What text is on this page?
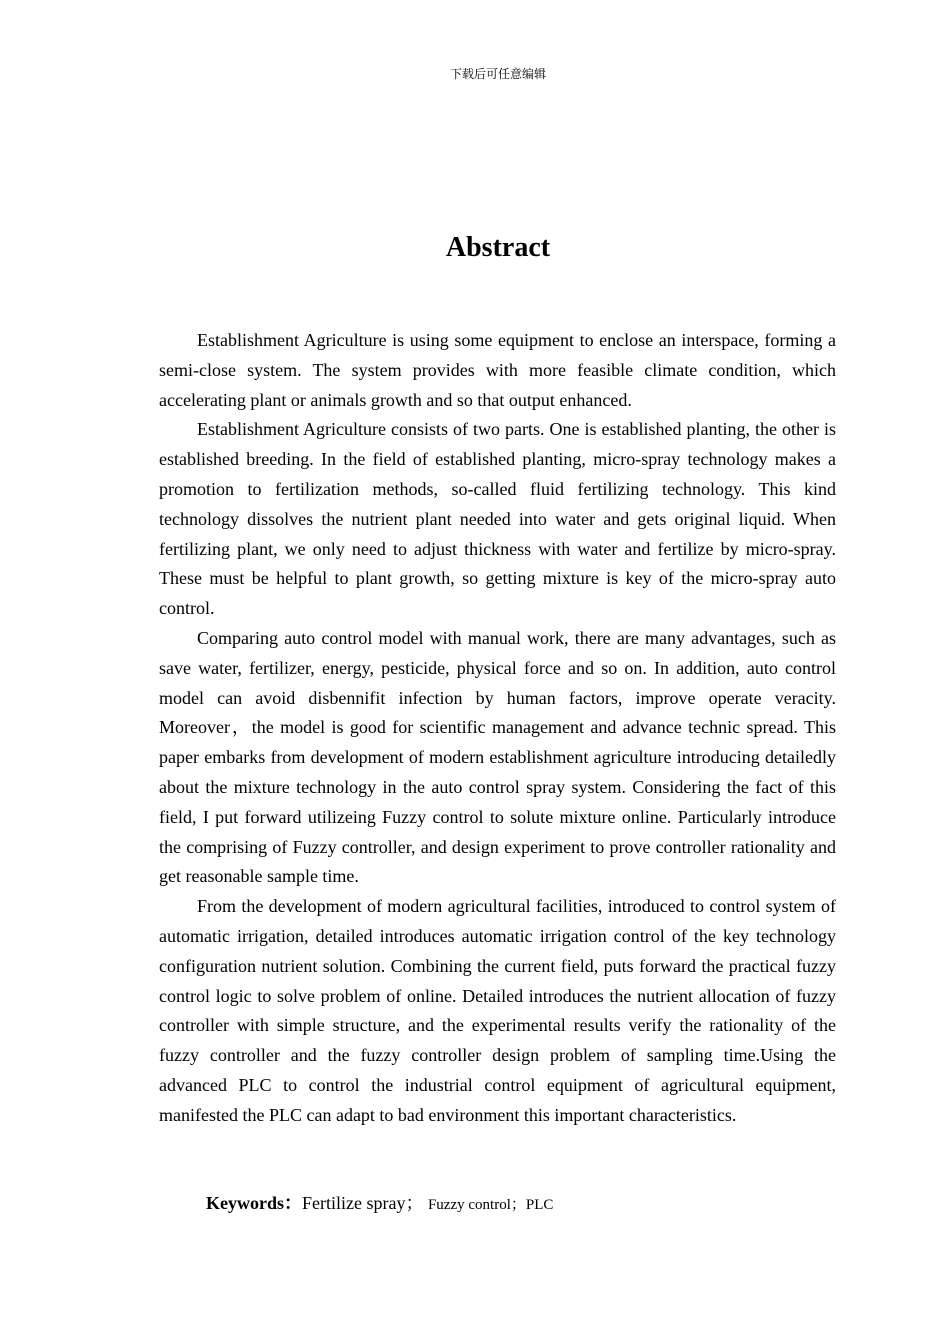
下载后可任意编辑
Abstract

Establishment Agriculture is using some equipment to enclose an interspace, forming a semi-close system. The system provides with more feasible climate condition, which accelerating plant or animals growth and so that output enhanced.

Establishment Agriculture consists of two parts. One is established planting, the other is established breeding. In the field of established planting, micro-spray technology makes a promotion to fertilization methods, so-called fluid fertilizing technology. This kind technology dissolves the nutrient plant needed into water and gets original liquid. When fertilizing plant, we only need to adjust thickness with water and fertilize by micro-spray. These must be helpful to plant growth, so getting mixture is key of the micro-spray auto control.

Comparing auto control model with manual work, there are many advantages, such as save water, fertilizer, energy, pesticide, physical force and so on. In addition, auto control model can avoid disbennifit infection by human factors, improve operate veracity. Moreover，the model is good for scientific management and advance technic spread. This paper embarks from development of modern establishment agriculture introducing detailedly about the mixture technology in the auto control spray system. Considering the fact of this field, I put forward utilizeing Fuzzy control to solute mixture online. Particularly introduce the comprising of Fuzzy controller, and design experiment to prove controller rationality and get reasonable sample time.

From the development of modern agricultural facilities, introduced to control system of automatic irrigation, detailed introduces automatic irrigation control of the key technology configuration nutrient solution. Combining the current field, puts forward the practical fuzzy control logic to solve problem of online. Detailed introduces the nutrient allocation of fuzzy controller with simple structure, and the experimental results verify the rationality of the fuzzy controller and the fuzzy controller design problem of sampling time.Using the advanced PLC to control the industrial control equipment of agricultural equipment, manifested the PLC can adapt to bad environment this important characteristics.

Keywords：Fertilize spray； Fuzzy control；PLC
